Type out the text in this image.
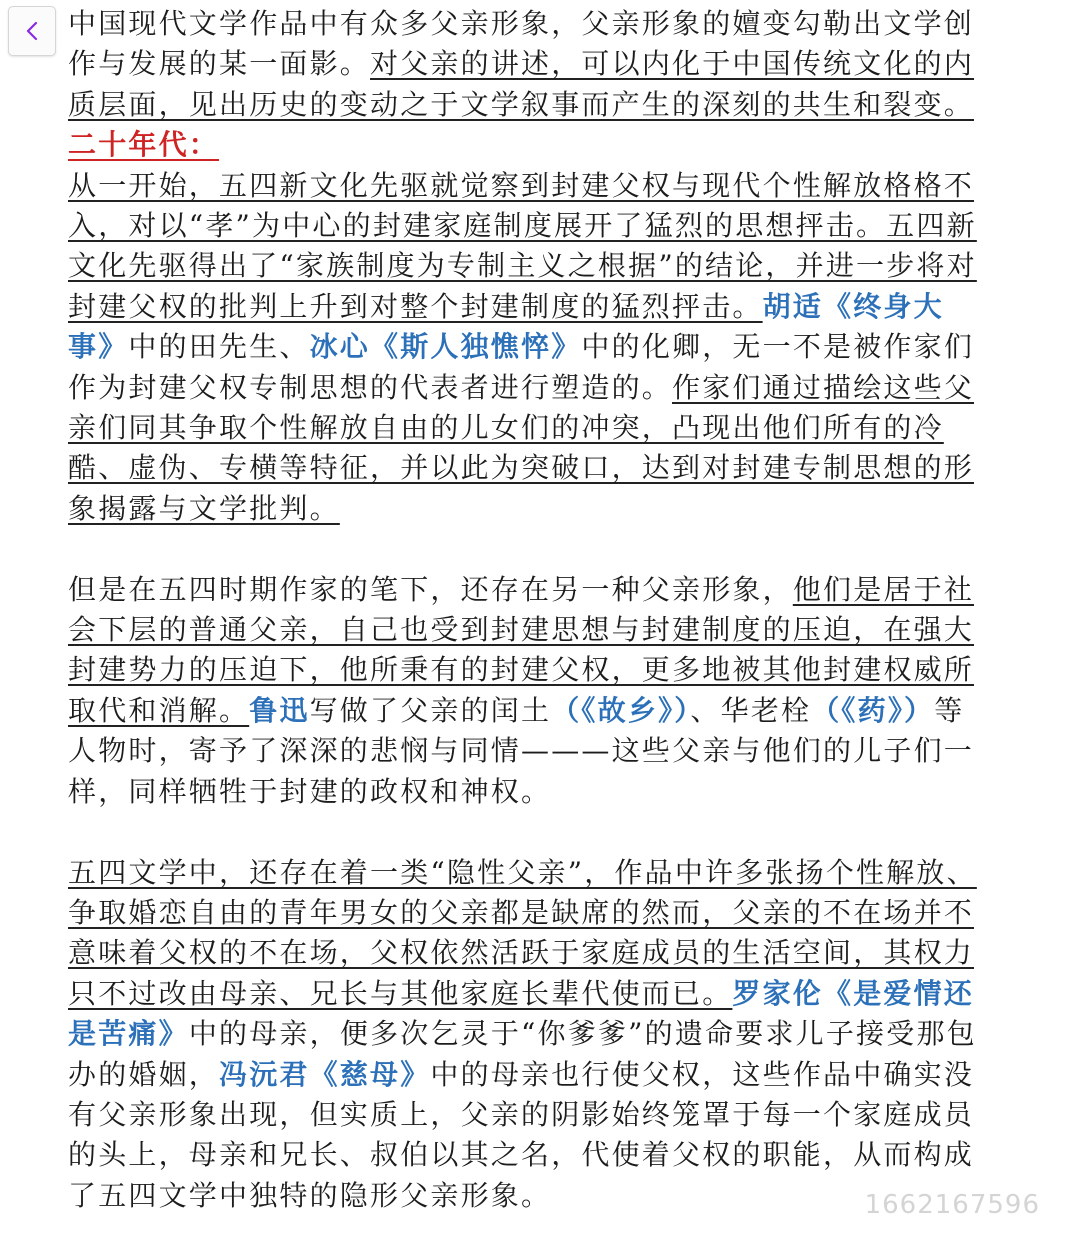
中国现代文学作品中有众多父亲形象，父亲形象的嬗变勾勒出文学创作与发展的某一面影。对父亲的讲述，可以内化于中国传统文化的内质层面，见出历史的变动之于文学叙事而产生的深刻的共生和裂变。

二十年代：

从一开始，五四新文化先驱就觉察到封建父权与现代个性解放格格不入，对以“孝”为中心的封建家庭制度展开了猛烈的思想抨击。五四新文化先驱得出了“家族制度为专制主义之根据”的结论，并进一步将对封建父权的批判上升到对整个封建制度的猛烈抨击。胡适《终身大事》中的田先生、冰心《斯人独憔悴》中的化卿，无一不是被作家们作为封建父权专制思想的代表者进行塑造的。作家们通过描绘这些父亲们同其争取个性解放自由的儿女们的冲突，凸现出他们所有的冷酷、虚伪、专横等特征，并以此为突破口，达到对封建专制思想的形象揭露与文学批判。

但是在五四时期作家的笔下，还存在另一种父亲形象，他们是居于社会下层的普通父亲，自己也受到封建思想与封建制度的压迫，在强大封建势力的压迫下，他所秉有的封建父权，更多地被其他封建权威所取代和消解。鲁迅写做了父亲的闰土（《故乡》）、华老栓（《药》）等人物时，寄予了深深的悲悯与同情———这些父亲与他们的儿子们一样，同样牺牲于封建的政权和神权。

五四文学中，还存在着一类“隐性父亲”，作品中许多张扬个性解放、争取婚恋自由的青年男女的父亲都是缺席的然而，父亲的不在场并不意味着父权的不在场，父权依然活跃于家庭成员的生活空间，其权力只不过改由母亲、兄长与其他家庭长辈代使而已。罗家伦《是爱情还是苦痛》中的母亲，便多次乞灵于“你爹爹”的遗命要求儿子接受那包办的婚姻，冯沅君《慈母》中的母亲也行使父权，这些作品中确实没有父亲形象出现，但实质上，父亲的阴影始终笼罩于每一个家庭成员的头上，母亲和兄长、叔伯以其之名，代使着父权的职能，从而构成了五四文学中独特的隐形父亲形象。	1662167596
